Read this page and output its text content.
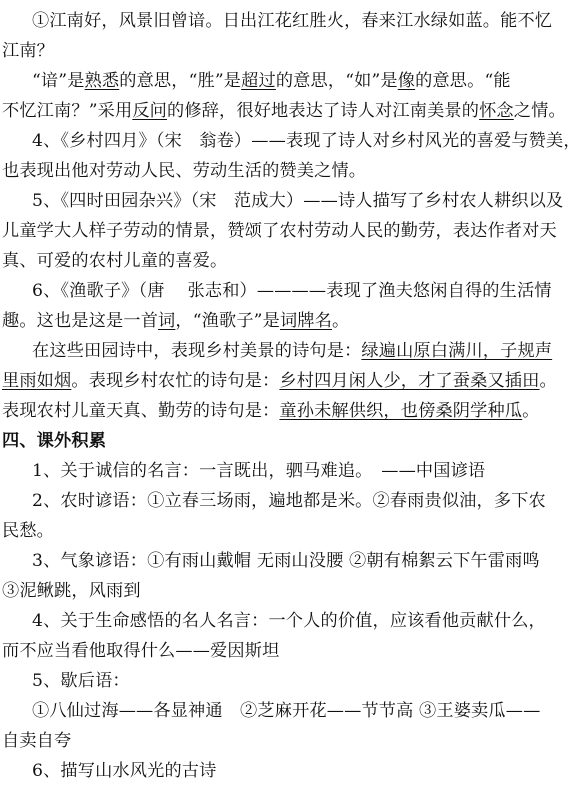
①江南好，风景旧曾谙。日出江花红胜火，春来江水绿如蓝。能不忆
江南？
“谙”是熟悉的意思，“胜”是超过的意思，“如”是像的意思。“能
不忆江南？”采用反问的修辞，很好地表达了诗人对江南美景的怀念之情。
4、《乡村四月》（宋　翁卷）——表现了诗人对乡村风光的喜爱与赞美，
也表现出他对劳动人民、劳动生活的赞美之情。
5、《四时田园杂兴》（宋　范成大）——诗人描写了乡村农人耕织以及
儿童学大人样子劳动的情景，赞颂了农村劳动人民的勤劳，表达作者对天
真、可爱的农村儿童的喜爱。
6、《渔歌子》（唐　 张志和）————表现了渔夫悠闲自得的生活情
趣。这也是这是一首词，“渔歌子”是词牌名。
在这些田园诗中，表现乡村美景的诗句是：绿遍山原白满川，子规声
里雨如烟。表现乡村农忙的诗句是：乡村四月闲人少，才了蚕桑又插田。
表现农村儿童天真、勤劳的诗句是：童孙未解供织，也傍桑阴学种瓜。
四、课外积累
1、关于诚信的名言：一言既出，驷马难追。　——中国谚语
2、农时谚语：①立春三场雨，遍地都是米。②春雨贵似油，多下农
民愁。
3、气象谚语：①有雨山戴帽 无雨山没腰 ②朝有棉絮云下午雷雨鸣
③泥鳅跳，风雨到
4、关于生命感悟的名人名言：一个人的价值，应该看他贡献什么，
而不应当看他取得什么——爱因斯坦
5、歇后语：
①八仙过海——各显神通　②芝麻开花——节节高 ③王婆卖瓜——
自卖自夸
6、描写山水风光的古诗
